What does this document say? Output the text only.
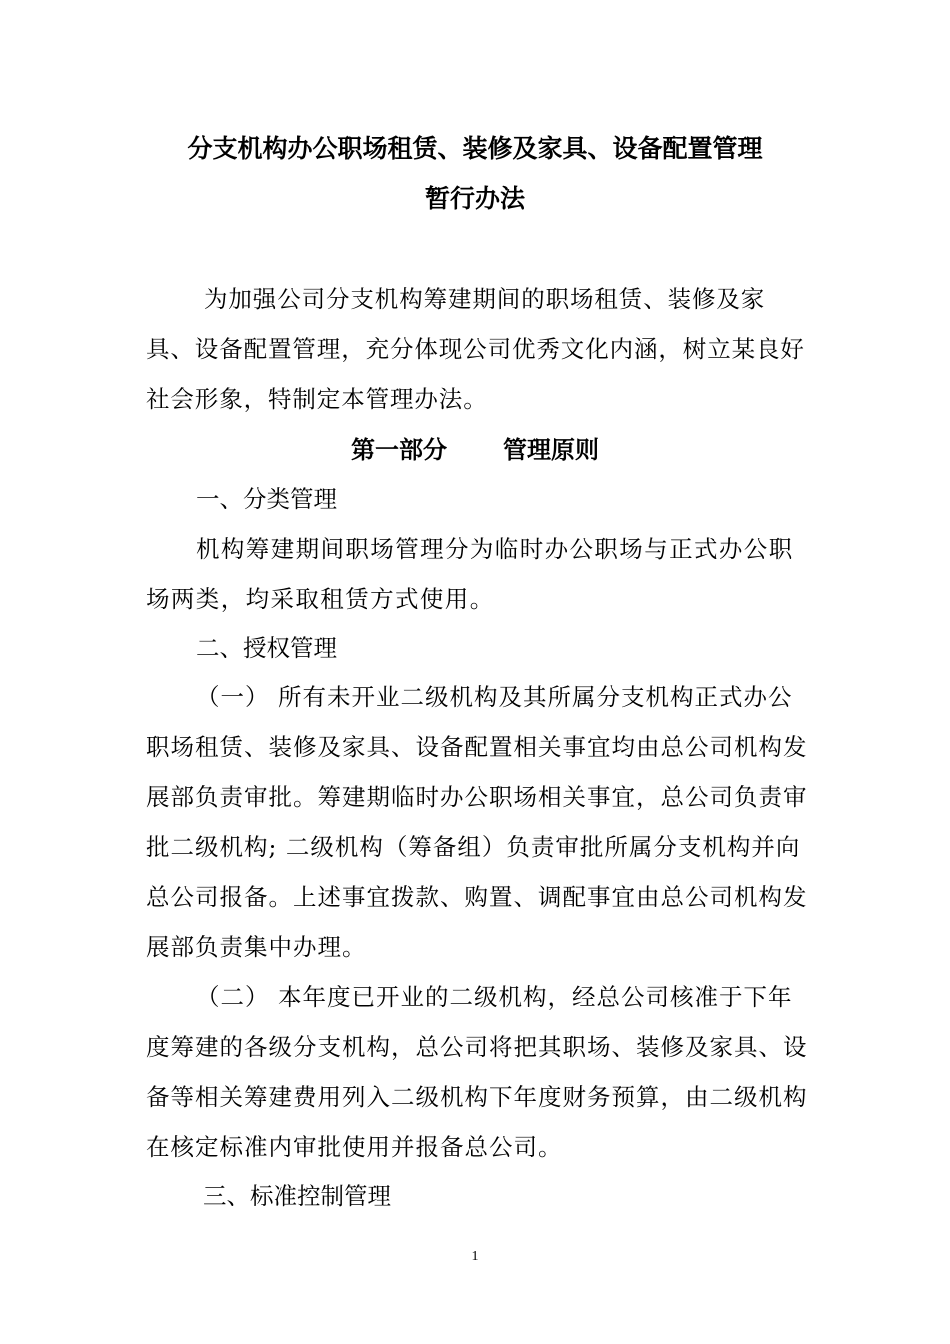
分支机构办公职场租赁、装修及家具、设备配置管理
暂行办法
为加强公司分支机构筹建期间的职场租赁、装修及家具、设备配置管理，充分体现公司优秀文化内涵，树立某良好社会形象，特制定本管理办法。
第一部分 管理原则
一、分类管理
机构筹建期间职场管理分为临时办公职场与正式办公职场两类，均采取租赁方式使用。
二、授权管理
（一） 所有未开业二级机构及其所属分支机构正式办公职场租赁、装修及家具、设备配置相关事宜均由总公司机构发展部负责审批。筹建期临时办公职场相关事宜，总公司负责审批二级机构; 二级机构（筹备组）负责审批所属分支机构并向总公司报备。上述事宜拨款、购置、调配事宜由总公司机构发展部负责集中办理。
（二） 本年度已开业的二级机构，经总公司核准于下年度筹建的各级分支机构，总公司将把其职场、装修及家具、设备等相关筹建费用列入二级机构下年度财务预算，由二级机构在核定标准内审批使用并报备总公司。
三、标准控制管理
1
